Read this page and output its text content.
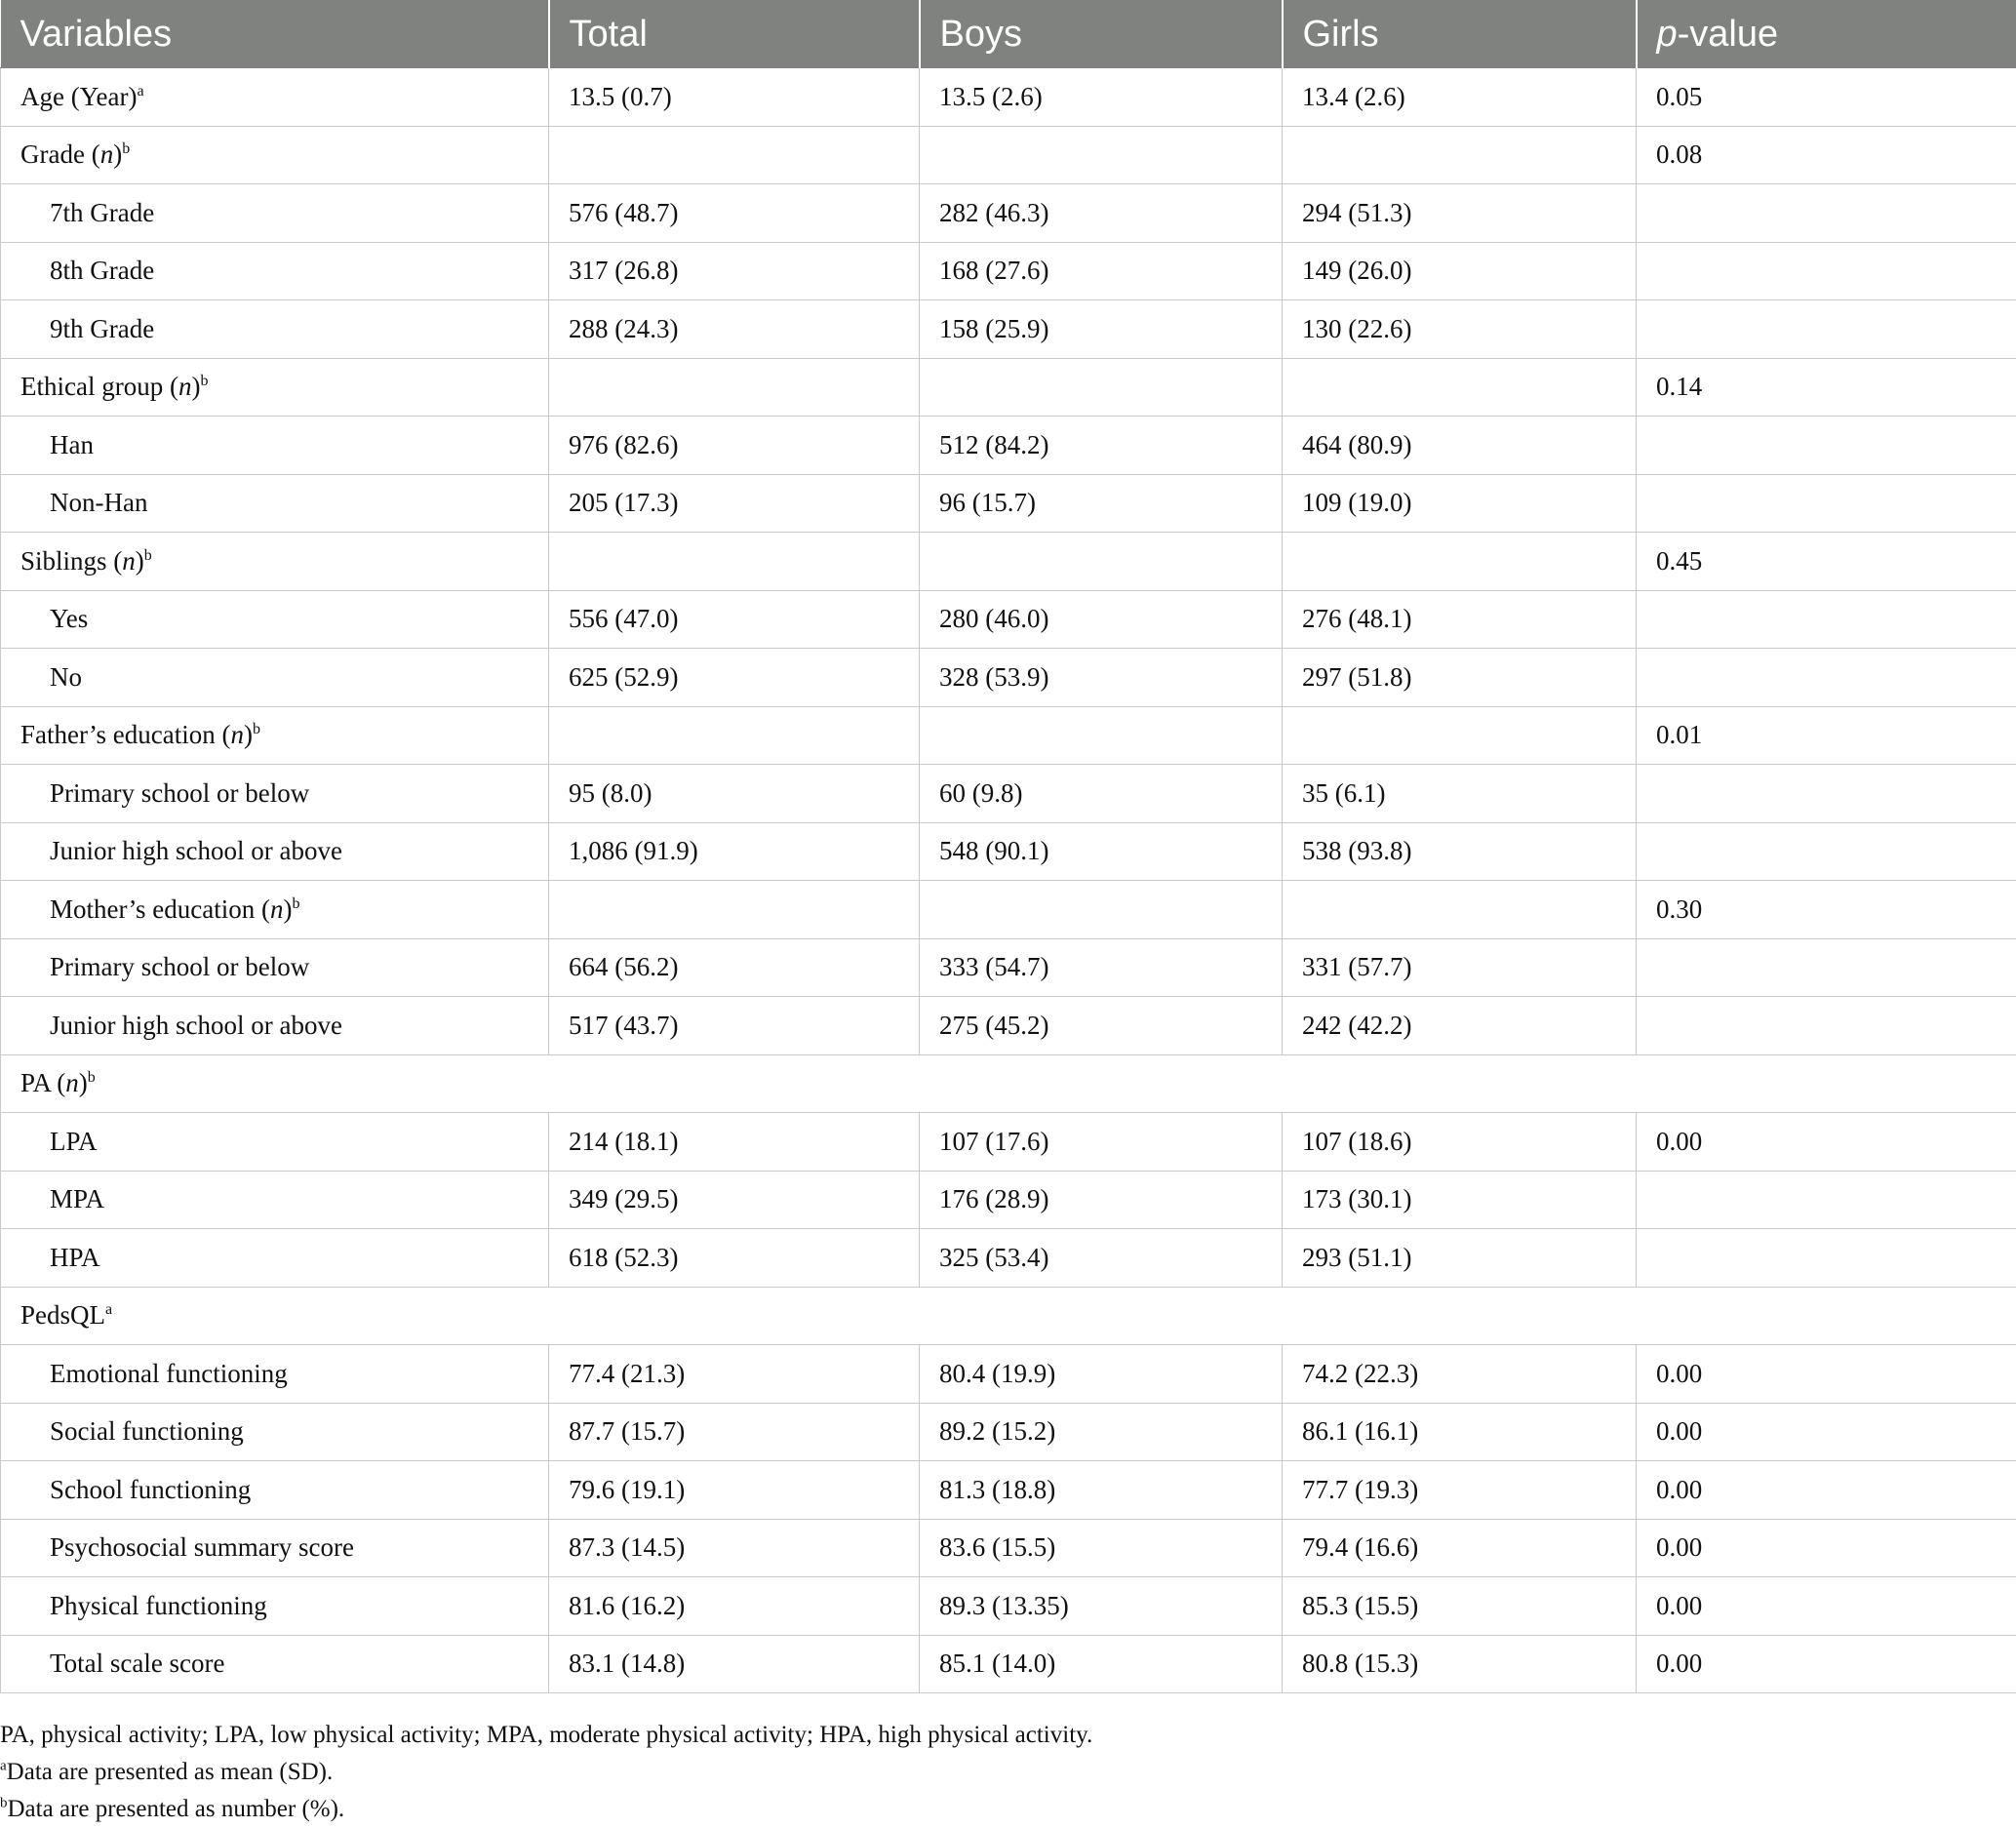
Variables	Total	Boys	Girls	p-value
Age (Year)$^a$	13.5 (0.7)	13.5 (2.6)	13.4 (2.6)	0.05
Grade $(n)^b$				0.08
7th Grade	576 (48.7)	282 (46.3)	294 (51.3)	
8th Grade	317 (26.8)	168 (27.6)	149 (26.0)	
9th Grade	288 (24.3)	158 (25.9)	130 (22.6)	
Ethical group $(n)^b$				0.14
Han	976 (82.6)	512 (84.2)	464 (80.9)	
Non-Han	205 (17.3)	96 (15.7)	109 (19.0)	
Siblings $(n)^b$				0.45
Yes	556 (47.0)	280 (46.0)	276 (48.1)	
No	625 (52.9)	328 (53.9)	297 (51.8)	
Father’s education $(n)^b$				0.01
Primary school or below	95 (8.0)	60 (9.8)	35 (6.1)	
Junior high school or above	1,086 (91.9)	548 (90.1)	538 (93.8)	
Mother’s education $(n)^b$				0.30
Primary school or below	664 (56.2)	333 (54.7)	331 (57.7)	
Junior high school or above	517 (43.7)	275 (45.2)	242 (42.2)	
PA $(n)^b$
LPA	214 (18.1)	107 (17.6)	107 (18.6)	0.00
MPA	349 (29.5)	176 (28.9)	173 (30.1)	
HPA	618 (52.3)	325 (53.4)	293 (51.1)	
PedsQL$^a$
Emotional functioning	77.4 (21.3)	80.4 (19.9)	74.2 (22.3)	0.00
Social functioning	87.7 (15.7)	89.2 (15.2)	86.1 (16.1)	0.00
School functioning	79.6 (19.1)	81.3 (18.8)	77.7 (19.3)	0.00
Psychosocial summary score	87.3 (14.5)	83.6 (15.5)	79.4 (16.6)	0.00
Physical functioning	81.6 (16.2)	89.3 (13.35)	85.3 (15.5)	0.00
Total scale score	83.1 (14.8)	85.1 (14.0)	80.8 (15.3)	0.00
PA, physical activity; LPA, low physical activity; MPA, moderate physical activity; HPA, high physical activity.
$^a$Data are presented as mean (SD).
$^b$Data are presented as number (%).
